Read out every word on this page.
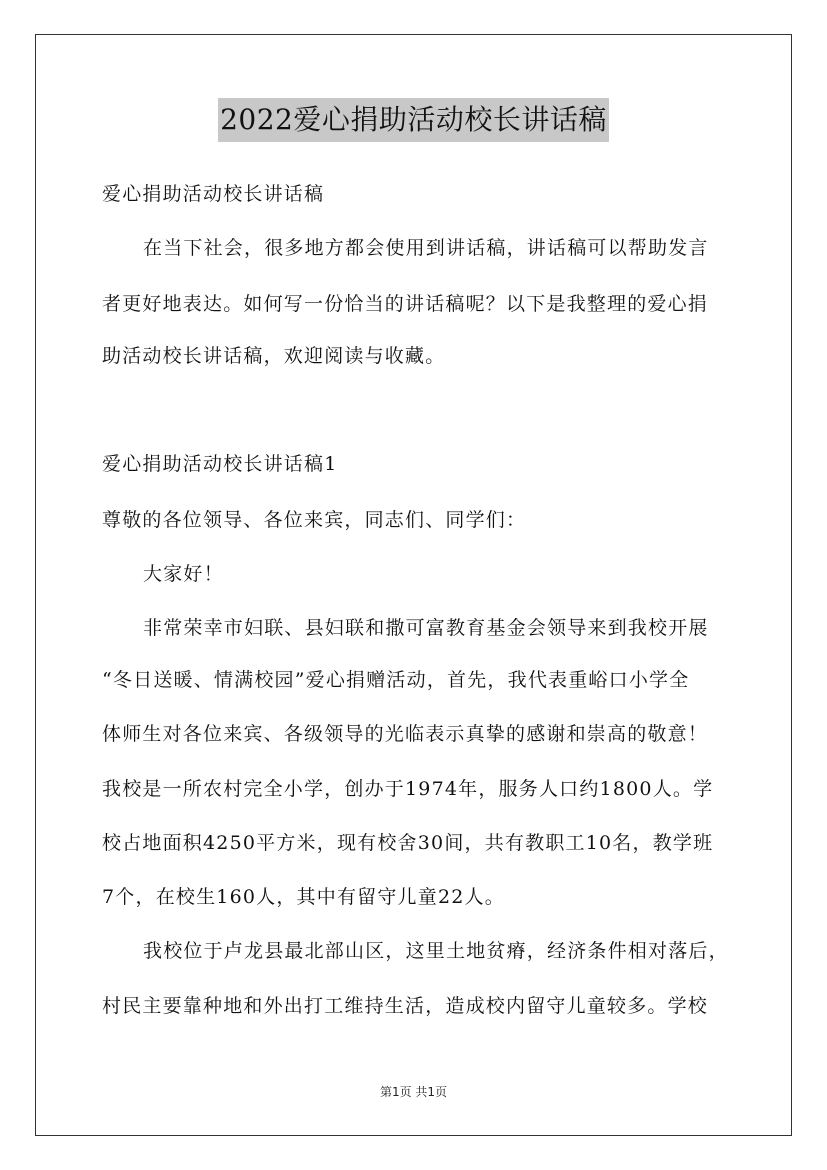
2022爱心捐助活动校长讲话稿
爱心捐助活动校长讲话稿
在当下社会，很多地方都会使用到讲话稿，讲话稿可以帮助发言
者更好地表达。如何写一份恰当的讲话稿呢？以下是我整理的爱心捐
助活动校长讲话稿，欢迎阅读与收藏。
爱心捐助活动校长讲话稿1
尊敬的各位领导、各位来宾，同志们、同学们：
大家好！
非常荣幸市妇联、县妇联和撒可富教育基金会领导来到我校开展
“冬日送暖、情满校园”爱心捐赠活动，首先，我代表重峪口小学全
体师生对各位来宾、各级领导的光临表示真挚的感谢和崇高的敬意！
我校是一所农村完全小学，创办于1974年，服务人口约1800人。学
校占地面积4250平方米，现有校舍30间，共有教职工10名，教学班
7个，在校生160人，其中有留守儿童22人。
我校位于卢龙县最北部山区，这里土地贫瘠，经济条件相对落后，
村民主要靠种地和外出打工维持生活，造成校内留守儿童较多。学校
第1页 共1页
